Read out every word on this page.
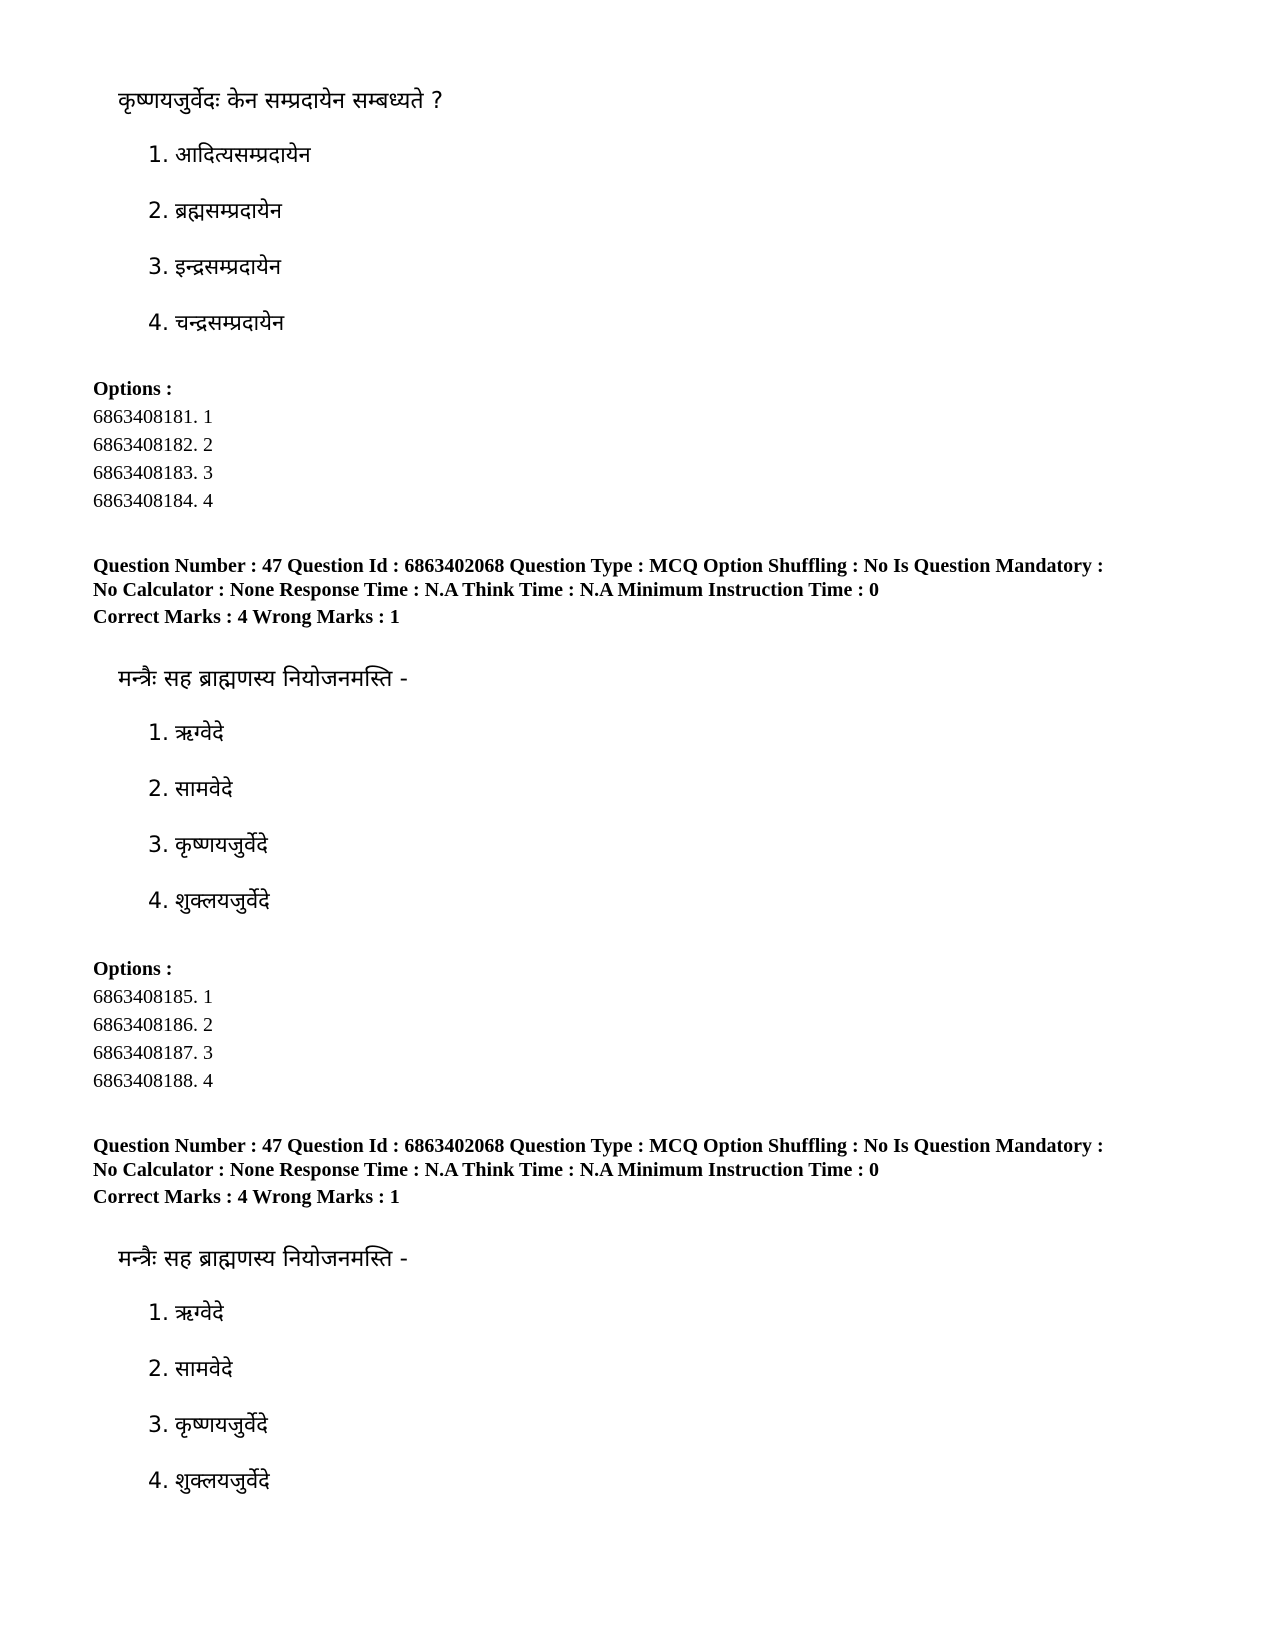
कृष्णयजुर्वेदः केन सम्प्रदायेन सम्बध्यते ?
1. आदित्यसम्प्रदायेन
2. ब्रह्मसम्प्रदायेन
3. इन्द्रसम्प्रदायेन
4. चन्द्रसम्प्रदायेन
Options :
6863408181. 1
6863408182. 2
6863408183. 3
6863408184. 4
Question Number : 47 Question Id : 6863402068 Question Type : MCQ Option Shuffling : No Is Question Mandatory :
No Calculator : None Response Time : N.A Think Time : N.A Minimum Instruction Time : 0
Correct Marks : 4 Wrong Marks : 1
मन्त्रैः सह ब्राह्मणस्य नियोजनमस्ति -
1. ऋग्वेदे
2. सामवेदे
3. कृष्णयजुर्वेदे
4. शुक्लयजुर्वेदे
Options :
6863408185. 1
6863408186. 2
6863408187. 3
6863408188. 4
Question Number : 47 Question Id : 6863402068 Question Type : MCQ Option Shuffling : No Is Question Mandatory :
No Calculator : None Response Time : N.A Think Time : N.A Minimum Instruction Time : 0
Correct Marks : 4 Wrong Marks : 1
मन्त्रैः सह ब्राह्मणस्य नियोजनमस्ति -
1. ऋग्वेदे
2. सामवेदे
3. कृष्णयजुर्वेदे
4. शुक्लयजुर्वेदे
